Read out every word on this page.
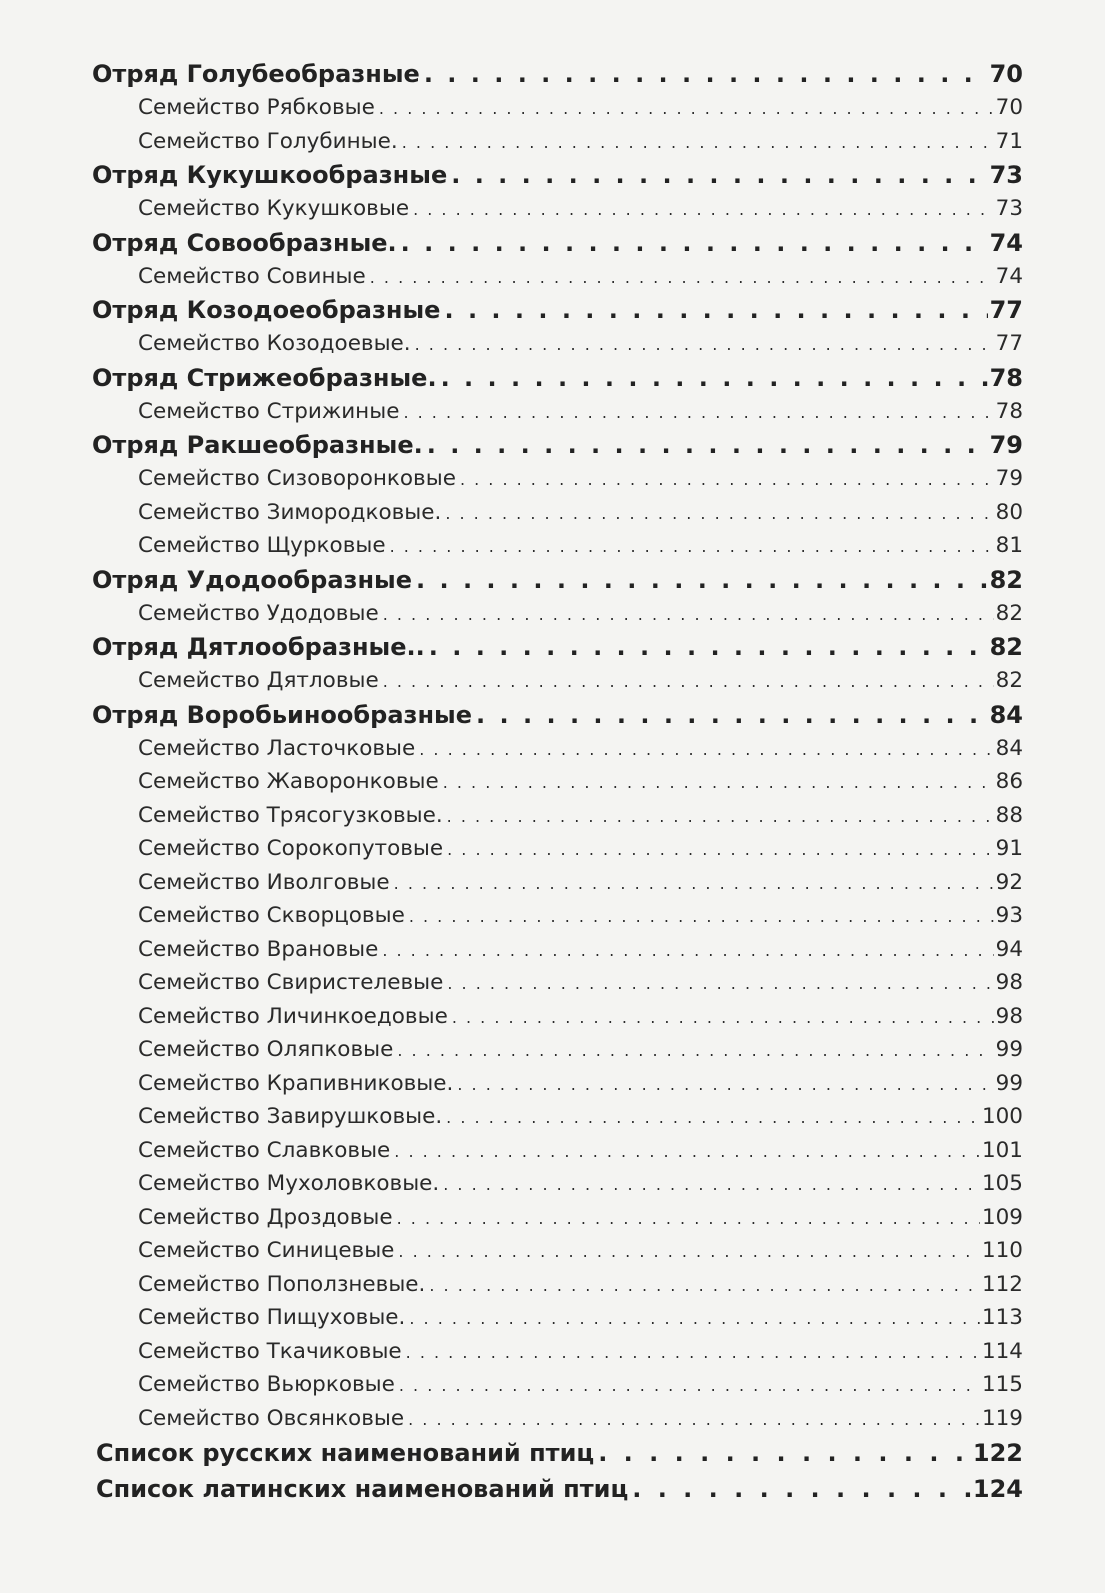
Отряд Голубеобразные . . .	70
Семейство Рябковые . . .	70
Семейство Голубиные. . . .	71
Отряд Кукушкообразные . . .	73
Семейство Кукушковые . . .	73
Отряд Совообразные. . . .	74
Семейство Совиные . . .	74
Отряд Козодоеобразные . . .	77
Семейство Козодоевые. . . .	77
Отряд Стрижеобразные. . . .	78
Семейство Стрижиные . . .	78
Отряд Ракшеобразные. . . .	79
Семейство Сизоворонковые . . .	79
Семейство Зимородковые. . . .	80
Семейство Щурковые . . .	81
Отряд Удодообразные . . .	82
Семейство Удодовые . . .	82
Отряд Дятлообразные.. . . .	82
Семейство Дятловые . . .	82
Отряд Воробьинообразные . . .	84
Семейство Ласточковые . . .	84
Семейство Жаворонковые . . .	86
Семейство Трясогузковые. . . .	88
Семейство Сорокопутовые . . .	91
Семейство Иволговые . . .	92
Семейство Скворцовые . . .	93
Семейство Врановые . . .	94
Семейство Свиристелевые . . .	98
Семейство Личинкоедовые . . .	98
Семейство Оляпковые . . .	99
Семейство Крапивниковые. . . .	99
Семейство Завирушковые. . . .	100
Семейство Славковые . . .	101
Семейство Мухоловковые. . . .	105
Семейство Дроздовые . . .	109
Семейство Синицевые . . .	110
Семейство Поползневые. . . .	112
Семейство Пищуховые. . . .	113
Семейство Ткачиковые . . .	114
Семейство Вьюрковые . . .	115
Семейство Овсянковые . . .	119
Список русских наименований птиц . . .	122
Список латинских наименований птиц . . .	124
